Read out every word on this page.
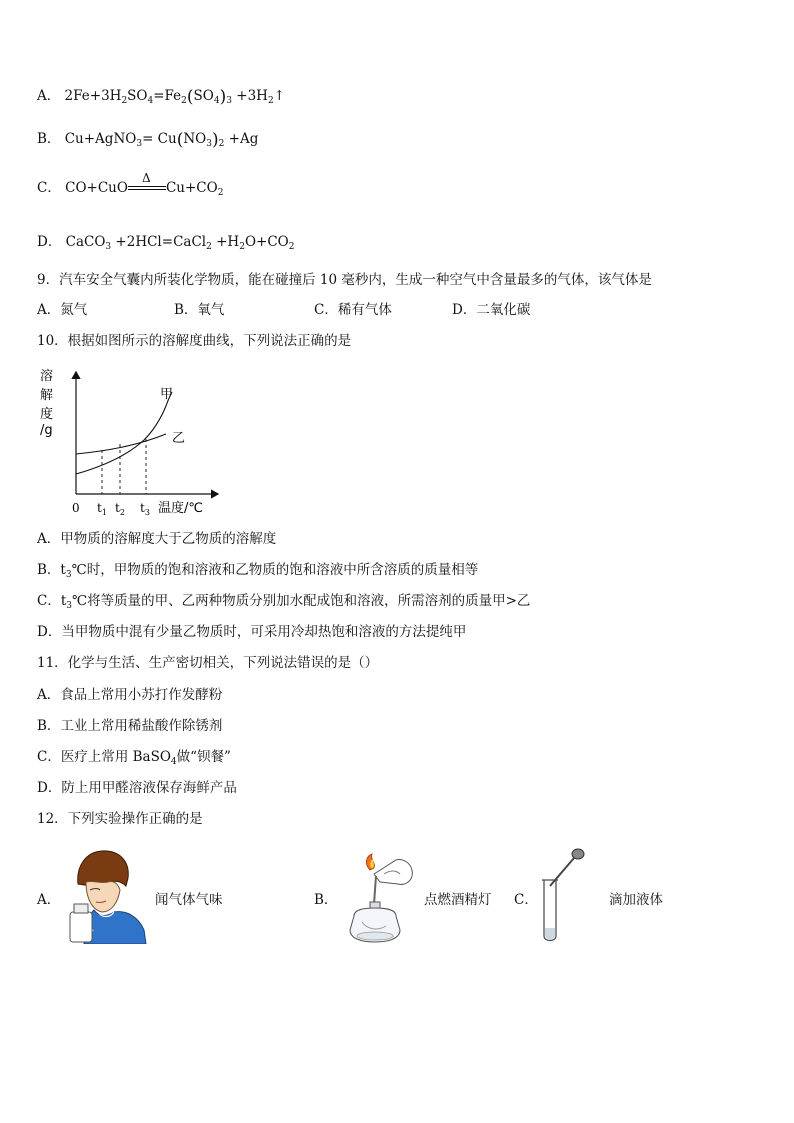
A． $2Fe+3H_2SO_4=Fe_2(SO_4)_3$ $+3H_2↑$
B． Cu+AgNO$_3$= $Cu(NO_3)_2 +Ag$
C． CO+CuO
Δ
$Cu+CO_2$
D． CaCO$_3$ +2HCl=CaCl$_2$ $+H_2O+CO_2$
9．汽车安全气囊内所装化学物质，能在碰撞后 10 毫秒内，生成一种空气中含量最多的气体，该气体是
A．氮气	B．氧气	C．稀有气体	D．二氧化碳
10．根据如图所示的溶解度曲线，下列说法正确的是
溶
解
度
/g
甲
乙
0 $t_1$ $t_2$ $t_3$ 温度/℃
A．甲物质的溶解度大于乙物质的溶解度
B．$t_3℃$时，甲物质的饱和溶液和乙物质的饱和溶液中所含溶质的质量相等
C．$t_3℃$将等质量的甲、乙两种物质分别加水配成饱和溶液，所需溶剂的质量甲>乙
D．当甲物质中混有少量乙物质时，可采用冷却热饱和溶液的方法提纯甲
11．化学与生活、生产密切相关，下列说法错误的是（）
A．食品上常用小苏打作发酵粉
B．工业上常用稀盐酸作除锈剂
C．医疗上常用 BaSO$_4$做“钡餐”
D．防上用甲醛溶液保存海鲜产品
12．下列实验操作正确的是
A．	闻气体气味	B．	点燃酒精灯 C．	滴加液体
